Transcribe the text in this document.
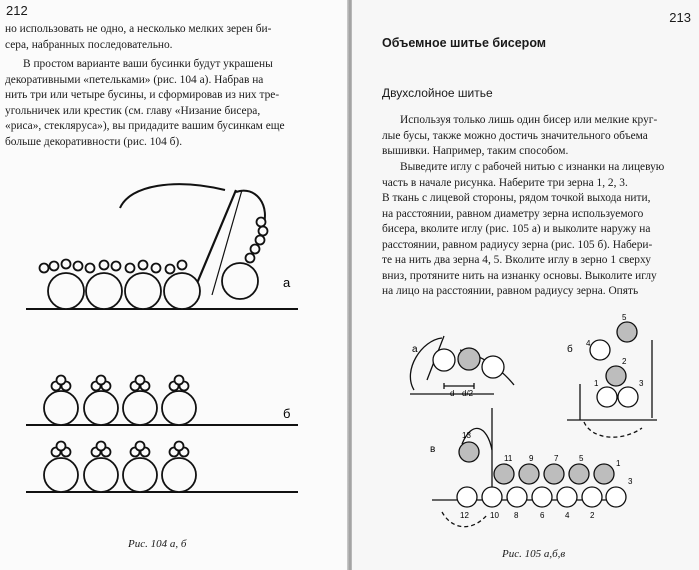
212
но использовать не одно, а несколько мелких зерен би-
сера, набранных последовательно.
В простом варианте ваши бусинки будут украшены
декоративными «петельками» (рис. 104 а). Набрав на
нить три или четыре бусины, и сформировав из них тре-
угольничек или крестик (см. главу «Низание бисера,
«риса», стекляруса»), вы придадите вашим бусинкам еще
больше декоративности (рис. 104 б).
а
б
Рис. 104 а, б
213
Объемное шитье бисером
Двухслойное шитье
Используя только лишь один бисер или мелкие круг-
лые бусы, также можно достичь значительного объема
вышивки. Например, таким способом.
Выведите иглу с рабочей нитью с изнанки на лицевую
часть в начале рисунка. Наберите три зерна 1, 2, 3.
В ткань с лицевой стороны, рядом точкой выхода нити,
на расстоянии, равном диаметру зерна используемого
бисера, вколите иглу (рис. 105 а) и выколите наружу на
расстоянии, равном радиусу зерна (рис. 105 б). Набери-
те на нить два зерна 4, 5. Вколите иглу в зерно 1 сверху
вниз, протяните нить на изнанку основы. Выколите иглу
на лицо на расстоянии, равном радиусу зерна. Опять
а
d d/2
б
5
4
2
1	3
в
13
11 9	7	5
12	10 8	6	4	2
1
3
Рис. 105 а,б,в
